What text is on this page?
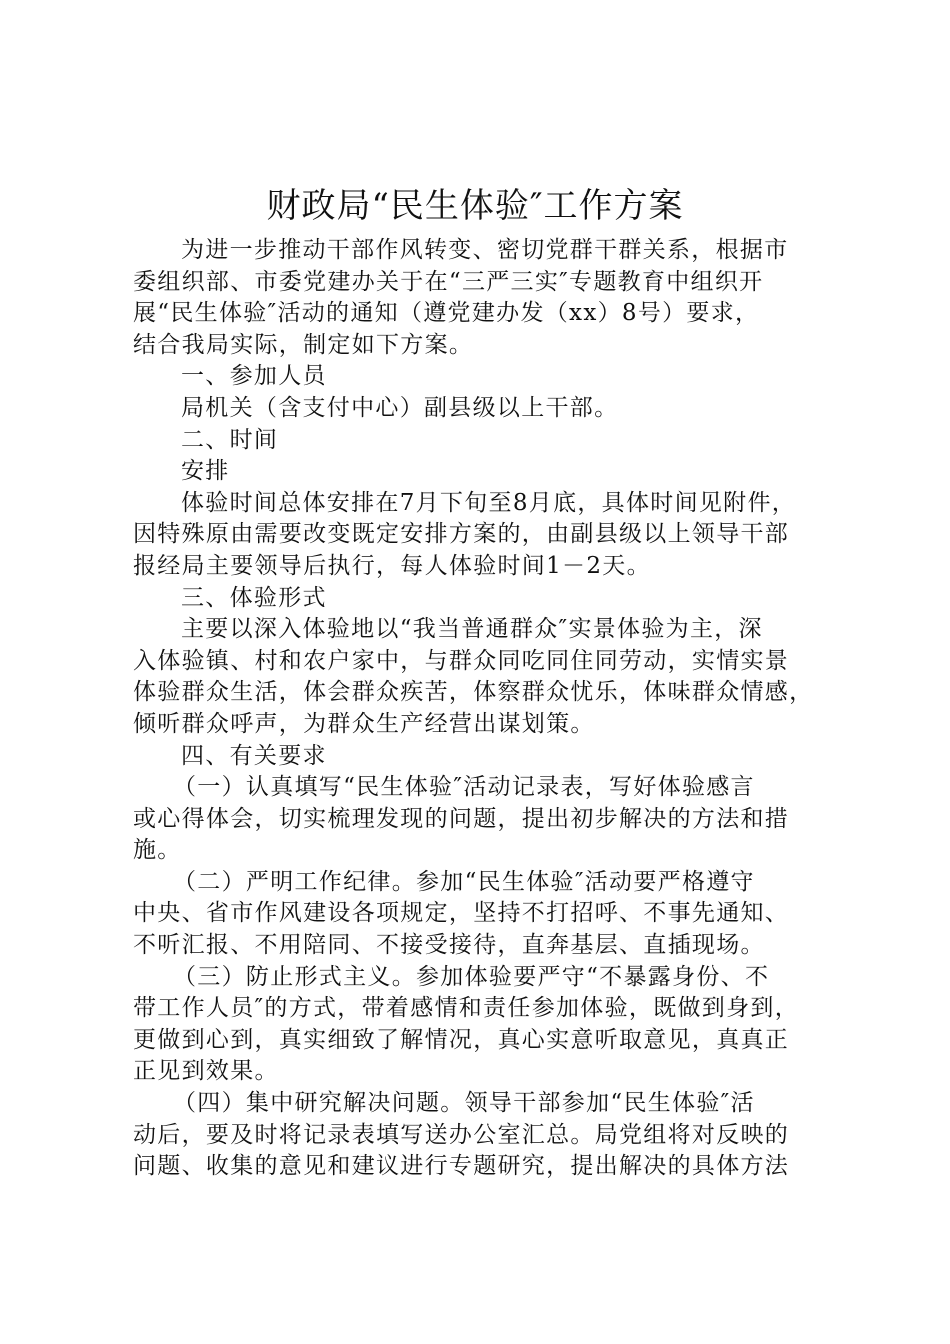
财政局“民生体验″工作方案
为进一步推动干部作风转变、密切党群干群关系，根据市
委组织部、市委党建办关于在“三严三实″专题教育中组织开
展“民生体验″活动的通知（遵党建办发（xx）8号）要求，
结合我局实际，制定如下方案。
一、参加人员
局机关（含支付中心）副县级以上干部。
二、时间
安排
体验时间总体安排在7月下旬至8月底，具体时间见附件，
因特殊原由需要改变既定安排方案的，由副县级以上领导干部
报经局主要领导后执行，每人体验时间1－2天。
三、体验形式
主要以深入体验地以“我当普通群众″实景体验为主，深
入体验镇、村和农户家中，与群众同吃同住同劳动，实情实景
体验群众生活，体会群众疾苦，体察群众忧乐，体味群众情感，
倾听群众呼声，为群众生产经营出谋划策。
四、有关要求
（一）认真填写“民生体验″活动记录表，写好体验感言
或心得体会，切实梳理发现的问题，提出初步解决的方法和措
施。
（二）严明工作纪律。参加“民生体验″活动要严格遵守
中央、省市作风建设各项规定，坚持不打招呼、不事先通知、
不听汇报、不用陪同、不接受接待，直奔基层、直插现场。
（三）防止形式主义。参加体验要严守“不暴露身份、不
带工作人员″的方式，带着感情和责任参加体验，既做到身到，
更做到心到，真实细致了解情况，真心实意听取意见，真真正
正见到效果。
（四）集中研究解决问题。领导干部参加“民生体验″活
动后，要及时将记录表填写送办公室汇总。局党组将对反映的
问题、收集的意见和建议进行专题研究，提出解决的具体方法
